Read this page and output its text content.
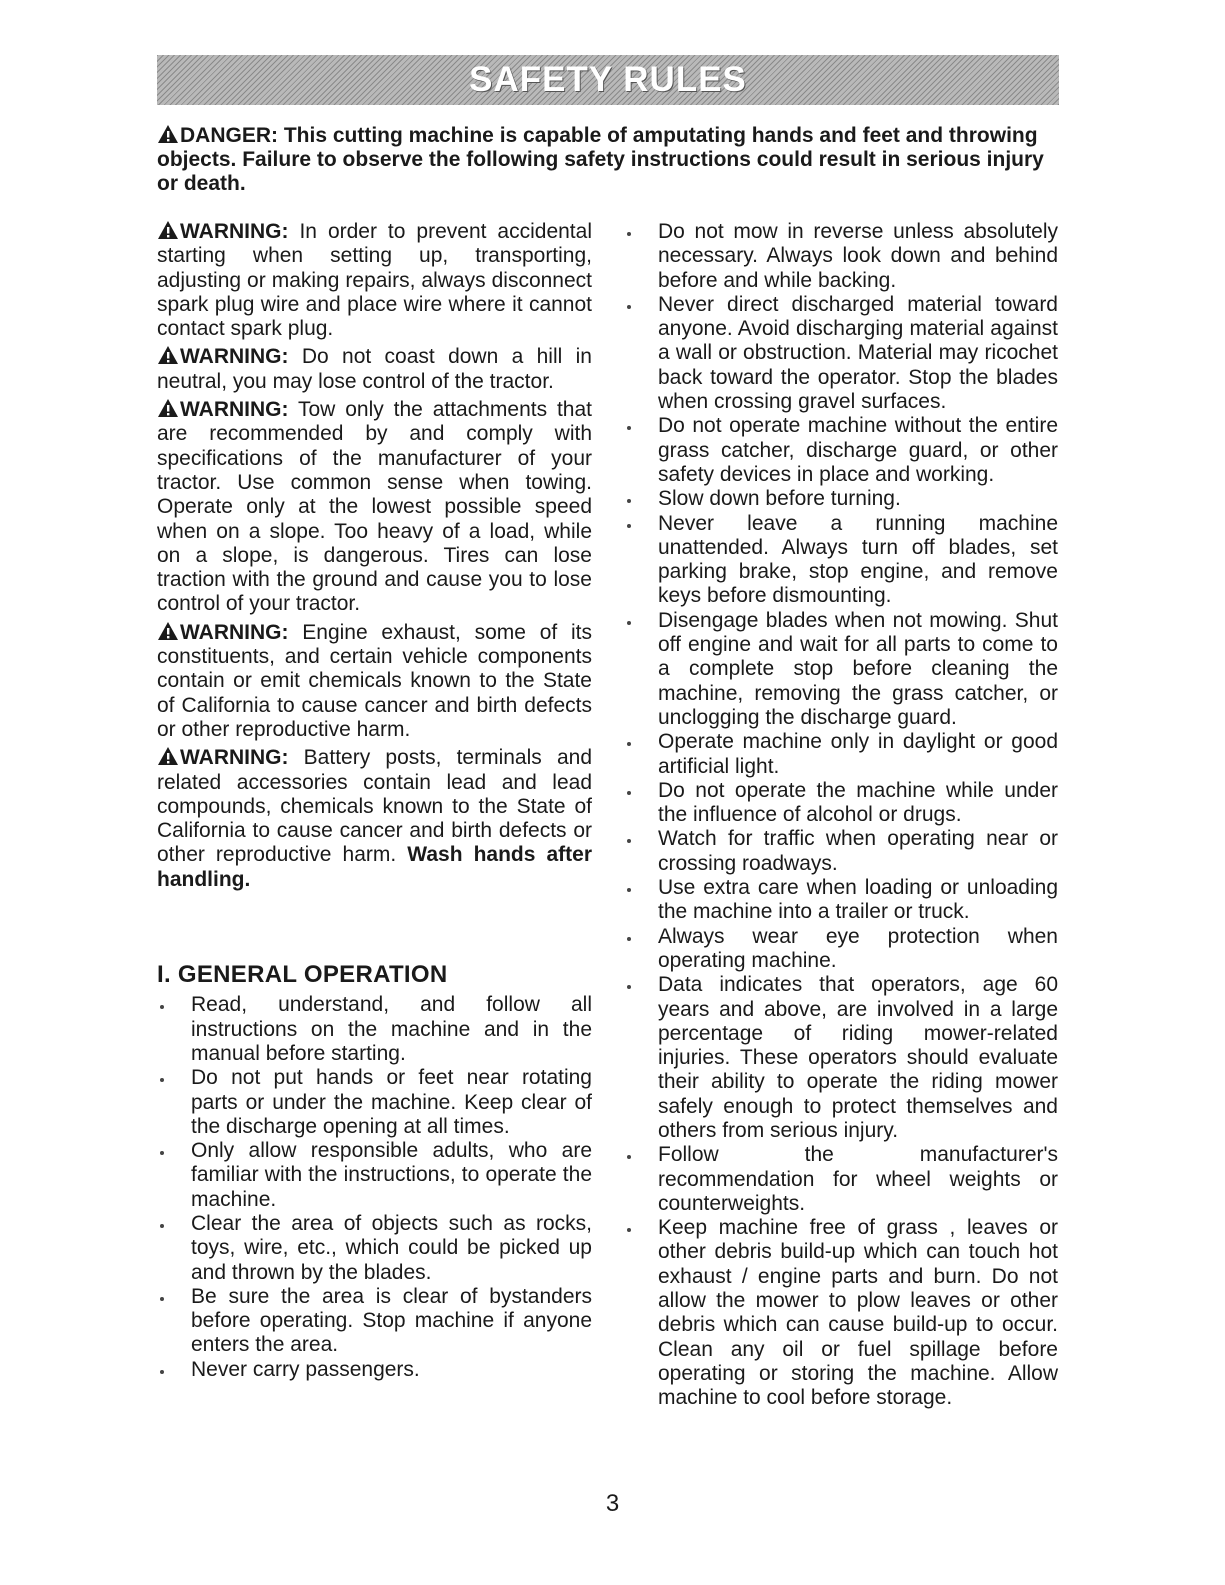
SAFETY RULES

DANGER: This cutting machine is capable of amputating hands and feet and throwing objects. Failure to observe the following safety instructions could result in serious injury or death.

WARNING: In order to prevent accidental starting when setting up, transporting, adjusting or making repairs, always disconnect spark plug wire and place wire where it cannot contact spark plug.

WARNING: Do not coast down a hill in neutral, you may lose control of the tractor.

WARNING: Tow only the attachments that are recommended by and comply with specifications of the manufacturer of your tractor. Use common sense when towing. Operate only at the lowest possible speed when on a slope. Too heavy of a load, while on a slope, is dangerous. Tires can lose traction with the ground and cause you to lose control of your tractor.

WARNING: Engine exhaust, some of its constituents, and certain vehicle components contain or emit chemicals known to the State of California to cause cancer and birth defects or other reproductive harm.

WARNING: Battery posts, terminals and related accessories contain lead and lead compounds, chemicals known to the State of California to cause cancer and birth defects or other reproductive harm. Wash hands after handling.

I. GENERAL OPERATION
Read, understand, and follow all instructions on the machine and in the manual before starting.
Do not put hands or feet near rotating parts or under the machine. Keep clear of the discharge opening at all times.
Only allow responsible adults, who are familiar with the instructions, to operate the machine.
Clear the area of objects such as rocks, toys, wire, etc., which could be picked up and thrown by the blades.
Be sure the area is clear of bystanders before operating. Stop machine if anyone enters the area.
Never carry passengers.
Do not mow in reverse unless absolutely necessary. Always look down and behind before and while backing.
Never direct discharged material toward anyone. Avoid discharging material against a wall or obstruction. Material may ricochet back toward the operator. Stop the blades when crossing gravel surfaces.
Do not operate machine without the entire grass catcher, discharge guard, or other safety devices in place and working.
Slow down before turning.
Never leave a running machine unattended. Always turn off blades, set parking brake, stop engine, and remove keys before dismounting.
Disengage blades when not mowing. Shut off engine and wait for all parts to come to a complete stop before cleaning the machine, removing the grass catcher, or unclogging the discharge guard.
Operate machine only in daylight or good artificial light.
Do not operate the machine while under the influence of alcohol or drugs.
Watch for traffic when operating near or crossing roadways.
Use extra care when loading or unloading the machine into a trailer or truck.
Always wear eye protection when operating machine.
Data indicates that operators, age 60 years and above, are involved in a large percentage of riding mower-related injuries. These operators should evaluate their ability to operate the riding mower safely enough to protect themselves and others from serious injury.
Follow the manufacturer's recommendation for wheel weights or counterweights.
Keep machine free of grass , leaves or other debris build-up which can touch hot exhaust / engine parts and burn. Do not allow the mower to plow leaves or other debris which can cause build-up to occur. Clean any oil or fuel spillage before operating or storing the machine. Allow machine to cool before storage.
3
